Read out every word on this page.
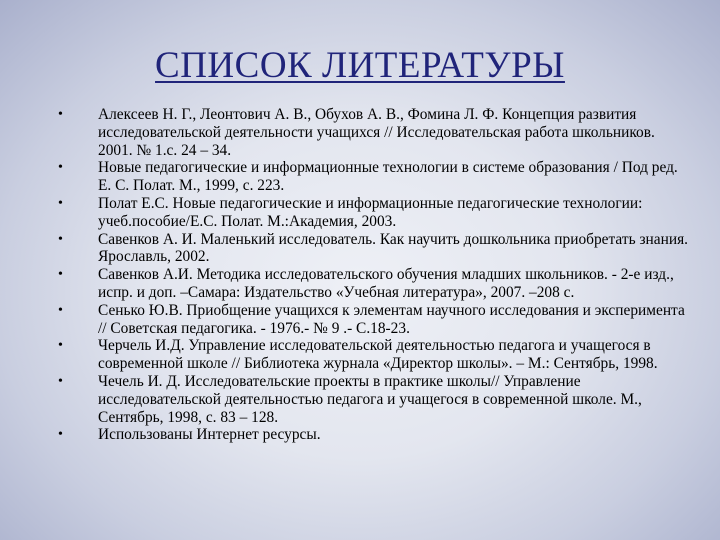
СПИСОК ЛИТЕРАТУРЫ
• Алексеев Н. Г., Леонтович А. В., Обухов А. В., Фомина Л. Ф. Концепция развития исследовательской деятельности учащихся // Исследовательская работа школьников. 2001. № 1.с. 24 – 34.
• Новые педагогические и информационные технологии в системе образования / Под ред. Е. С. Полат. М., 1999, с. 223.
• Полат Е.С. Новые педагогические и информационные педагогические технологии: учеб.пособие/Е.С. Полат. М.:Академия, 2003.
• Савенков А. И. Маленький исследователь. Как научить дошкольника приобретать знания. Ярославль, 2002.
• Савенков А.И. Методика исследовательского обучения младших школьников. - 2-е изд., испр. и доп. –Самара: Издательство «Учебная литература», 2007. –208 с.
• Сенько Ю.В. Приобщение учащихся к элементам научного исследования и эксперимента // Советская педагогика. - 1976.- № 9 .- С.18-23.
• Черчель И.Д. Управление исследовательской деятельностью педагога и учащегося в современной школе // Библиотека журнала «Директор школы». – М.: Сентябрь, 1998.
• Чечель И. Д. Исследовательские проекты в практике школы// Управление исследовательской деятельностью педагога и учащегося в современной школе. М., Сентябрь, 1998, с. 83 – 128.
• Использованы Интернет ресурсы.
